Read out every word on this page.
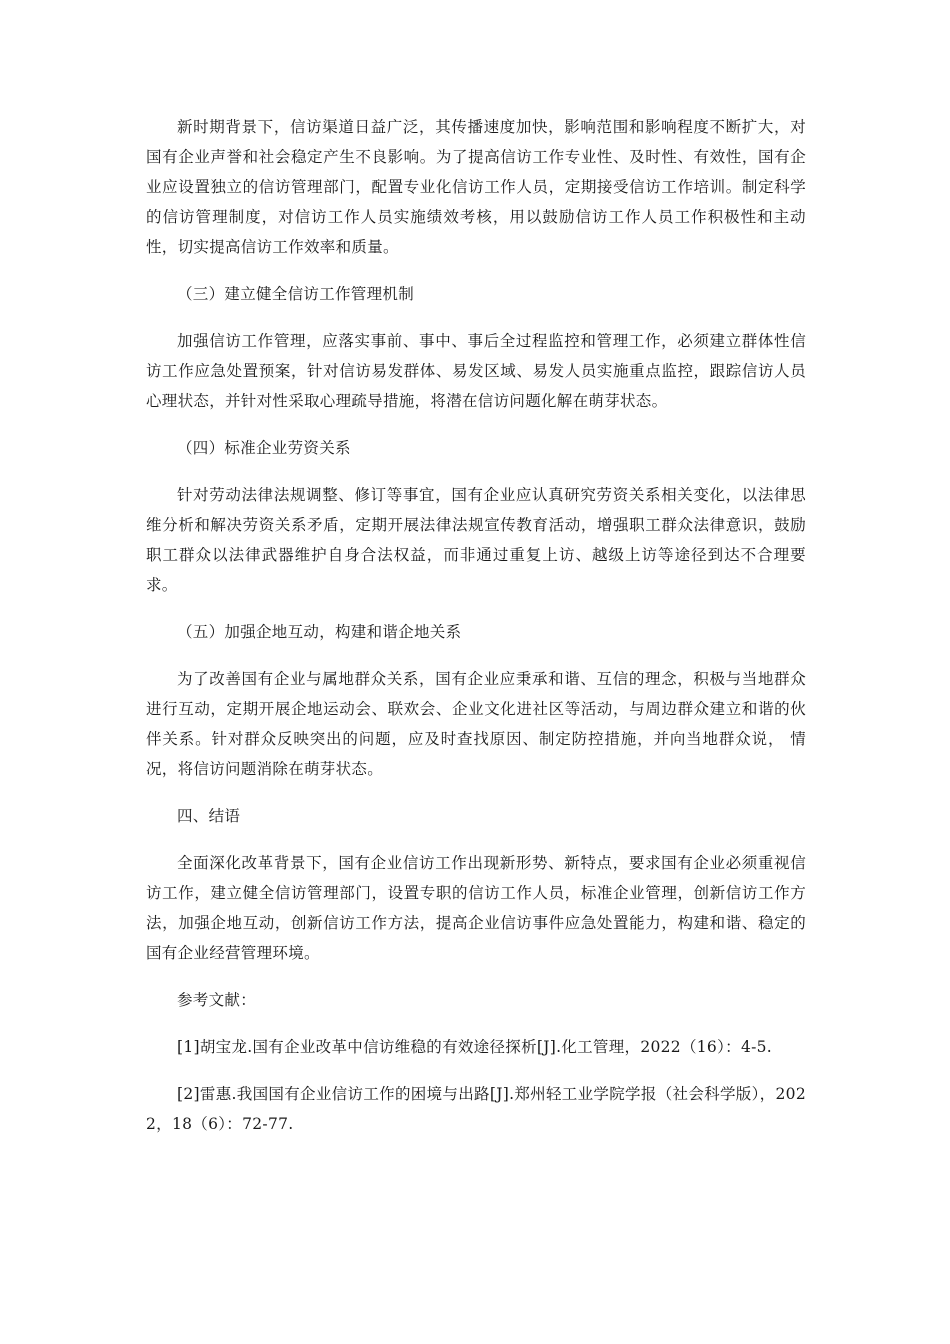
新时期背景下，信访渠道日益广泛，其传播速度加快，影响范围和影响程度不断扩大，对国有企业声誉和社会稳定产生不良影响。为了提高信访工作专业性、及时性、有效性，国有企业应设置独立的信访管理部门，配置专业化信访工作人员，定期接受信访工作培训。制定科学的信访管理制度，对信访工作人员实施绩效考核，用以鼓励信访工作人员工作积极性和主动性，切实提高信访工作效率和质量。

（三）建立健全信访工作管理机制

加强信访工作管理，应落实事前、事中、事后全过程监控和管理工作，必须建立群体性信访工作应急处置预案，针对信访易发群体、易发区域、易发人员实施重点监控，跟踪信访人员心理状态，并针对性采取心理疏导措施，将潜在信访问题化解在萌芽状态。

（四）标准企业劳资关系

针对劳动法律法规调整、修订等事宜，国有企业应认真研究劳资关系相关变化，以法律思维分析和解决劳资关系矛盾，定期开展法律法规宣传教育活动，增强职工群众法律意识，鼓励职工群众以法律武器维护自身合法权益，而非通过重复上访、越级上访等途径到达不合理要求。

（五）加强企地互动，构建和谐企地关系

为了改善国有企业与属地群众关系，国有企业应秉承和谐、互信的理念，积极与当地群众进行互动，定期开展企地运动会、联欢会、企业文化进社区等活动，与周边群众建立和谐的伙伴关系。针对群众反映突出的问题，应及时查找原因、制定防控措施，并向当地群众说， 情况，将信访问题消除在萌芽状态。

四、结语

全面深化改革背景下，国有企业信访工作出现新形势、新特点，要求国有企业必须重视信访工作，建立健全信访管理部门，设置专职的信访工作人员，标准企业管理，创新信访工作方法，加强企地互动，创新信访工作方法，提高企业信访事件应急处置能力，构建和谐、稳定的国有企业经营管理环境。

参考文献：

[1]胡宝龙.国有企业改革中信访维稳的有效途径探析[J].化工管理，2022（16）：4-5.

[2]雷惠.我国国有企业信访工作的困境与出路[J].郑州轻工业学院学报（社会科学版），2022，18（6）：72-77.
